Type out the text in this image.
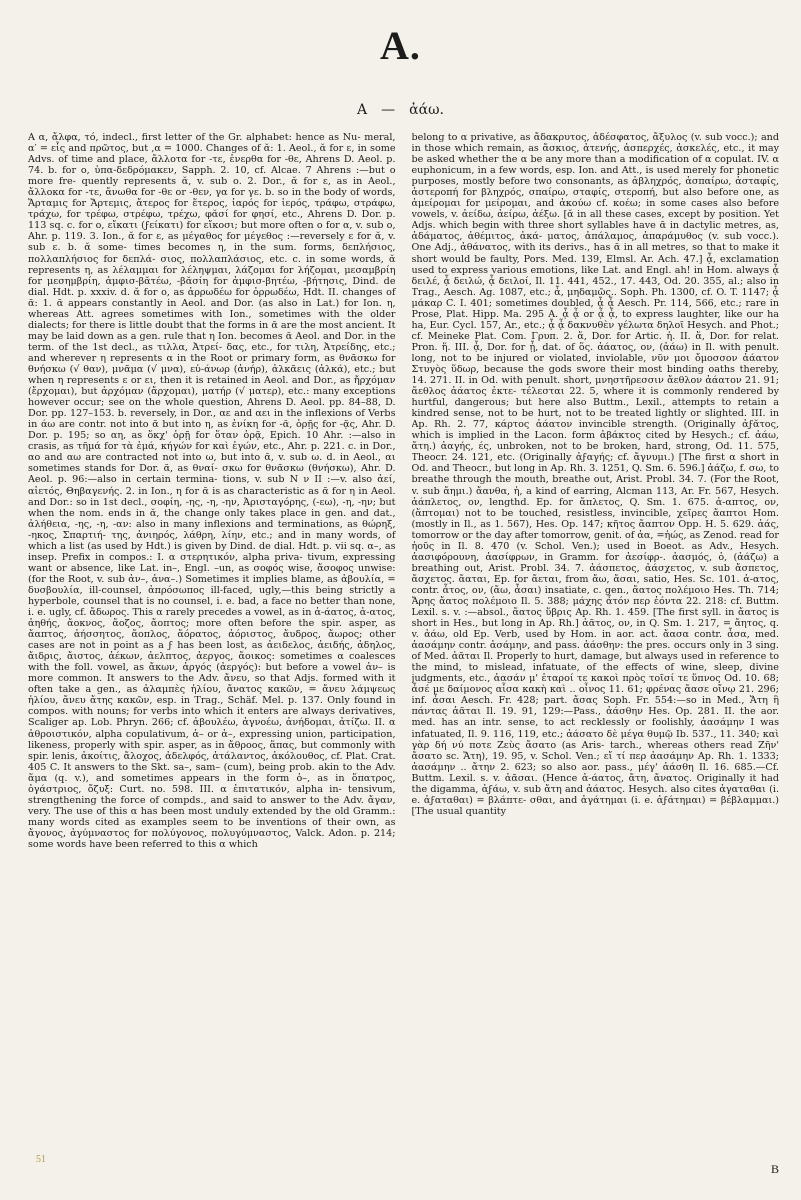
A.
A — ἀάω.

Α α, ἄλφα, τό, indecl., first letter of the Gr. alphabet: hence as Nu- meral, α′ = εἷς and πρῶτος, but ,α = 1000. Changes of ᾰ: 1. Aeol., ᾰ for ε, in some Advs. of time and place, ἄλλοτα for -τε, ἑνερθα for -θε, Ahrens D. Aeol. p. 74. b. for ο, ὑπα-δεδρόμακεν, Sapph. 2. 10, cf. Alcae. 7 Ahrens :—but ο more fre- quently represents ᾰ, v. sub ο. 2. Dor., ᾰ for ε, as in Aeol., ἄλλοκα for -τε, ἄνωθα for -θε or -θεν, γα for γε. b. so in the body of words, Ἄρταμις for Ἄρτεμις, ἄτερος for ἕτερος, ἱαρός for ἱερός, τράφω, στράφω, τράχω, for τρέφω, στρέφω, τρέχω, φᾰσί for φησί, etc., Ahrens D. Dor. p. 113 sq. c. for ο, εἴκατι (ϝείκατι) for εἴκοσι; but more often ο for α, v. sub ο, Ahr. p. 119. 3. Ion., ᾰ for ε, as μέγαθος for μέγεθος :—reversely ε for ᾰ, v. sub ε. b. ᾰ some- times becomes η, in the sum. forms, δεπλήσιος, πολλαπλήσιος for δεπλά- σιος, πολλαπλάσιος, etc. c. in some words, ᾰ represents η, as λέλαμμαι for λέληψμαι, λάζομαι for λήζομαι, μεσαμβρίη for μεσημβρίη, ἀμφισ-βᾰτέω, -βᾰσίη for ἀμφισ-βητέω, -βήτησις, Dind. de dial. Hdt. p. xxxiv. d. ᾰ for ο, as ἀρρωδέω for ὀρρωδέω, Hdt. II. changes of ᾱ: 1. ᾱ appears constantly in Aeol. and Dor. (as also in Lat.) for Ion. η, whereas Att. agrees sometimes with Ion., sometimes with the older dialects; for there is little doubt that the forms in ᾱ are the most ancient. It may be laid down as a gen. rule that η Ion. becomes ᾱ Aeol. and Dor. in the term. of the 1st decl., as τιλλα, Ἀτρεί- δας, etc., for τιλη, Ἀτρείδης, etc.; and wherever η represents α in the Root or primary form, as θνᾱσκω for θνήσκω (√ θαν), μνᾶμα (√ μνα), εὐ-άνωρ (ἀνήρ), ἀλκᾶεις (ἀλκά), etc.; but when η represents ε or ει, then it is retained in Aeol. and Dor., as ἤρχόμαν (ἔρχομαι), but ἀρχόμαν (ἄρχομαι), ματήρ (√ ματερ), etc.: many exceptions however occur; see on the whole question, Ahrens D. Aeol. pp. 84–88, D. Dor. pp. 127–153. b. reversely, in Dor., αε and αει in the inflexions of Verbs in άω are contr. not into ᾱ but into η, as ἐνίκη for -ᾱ, ὁρῇς for -ᾷς, Ahr. D. Dor. p. 195; so αη, as ὅκχ' ὁρῇ for ὅταν ὁρᾷ, Epich. 10 Ahr. :—also in crasis, as τῆμά for τὰ ἐμά, κήγών for καὶ ἐγών, etc., Ahr. p. 221. c. in Dor., αο and αω are contracted not into ω, but into ᾱ, v. sub ω. d. in Aeol., αι sometimes stands for Dor. ᾱ, as θναί- σκω for θνᾱσκω (θνήσκω), Ahr. D. Aeol. p. 96:—also in certain termina- tions, v. sub Ν ν II :—v. also ἀεί, αἰετός, Θηβαγενής. 2. in Ion., η for ᾱ is as characteristic as ᾱ for η in Aeol. and Dor.: so in 1st decl., σοφίη, -ης, -η, -ην, Ἀρισταγόρης, (-εω), -η, -ην; but when the nom. ends in ᾰ, the change only takes place in gen. and dat., ἀλήθεια, -ης, -η, -αν: also in many inflexions and terminations, as θώρηξ, -ηκος, Σπαρτιή- της, ἀνιηρός, λάθρη, λίην, etc.; and in many words, of which a list (as used by Hdt.) is given by Dind. de dial. Hdt. p. vii sq. α–, as insep. Prefix in compos.: I. α στερητικόν, alpha priva- tivum, expressing want or absence, like Lat. in–, Engl. –un, as σοφός wise, ἄσοφος unwise: (for the Root, v. sub ἀν–, ἀνα–.) Sometimes it implies blame, as ἀβουλία, = δυσβουλία, ill-counsel, ἀπρόσωπος ill-faced, ugly,—this being strictly a hyperbole, counsel that is no counsel, i. e. bad, a face no better than none, i. e. ugly, cf. ἄδωρος. This α rarely precedes a vowel, as in ἀ-άατος, ἀ-ατος, ἀηθής, ἄοκνος, ἄοζος, ἄοπτος; more often before the spir. asper, as ἄαπτος, ἀήσσητος, ἄοπλος, ἄόρατος, ἀόριστος, ἄυδρος, ἄωρος; other cases are not in point as a ϝ has been lost, as ἀειδελος, ἀειδής, ἀδηλος, ἄιδρις, ἄιστος, ἀέκων, ἀελπτος, ἀεργος, ἄοικος: sometimes α coalesces with the foll. vowel, as ἄκων, ἀργός (ἀεργός): but before a vowel ἀν– is more common. It answers to the Adv. ἄνευ, so that Adjs. formed with it often take a gen., as ἀλαμπὲς ἡλίου, ἄνατος κακῶν, = ἄνευ λάμψεως ἡλίου, ἄνευ ἄτης κακῶν, esp. in Trag., Schäf. Mel. p. 137. Only found in compos. with nouns; for verbs into which it enters are always derivatives, Scaliger ap. Lob. Phryn. 266; cf. ἀβουλέω, ἀγνοέω, ἀνήδομαι, ἀτίζω. II. α ἀθροιστικόν, alpha copulativum, ἀ– or ἁ–, expressing union, participation, likeness, properly with spir. asper, as in ἄθροος, ἅπας, but commonly with spir. lenis, ἀκοίτις, ἄλοχος, ἀδελφός, ἀτάλαντος, ἀκόλουθος, cf. Plat. Crat. 405 C. It answers to the Skt. sa–, sam– (cum), being prob. akin to the Adv. ἅμα (q. v.), and sometimes appears in the form ὁ–, as in ὅπατρος, ὀγάστριος, ὄζυξ: Curt. no. 598. III. α ἐπιτατικόν, alpha in- tensivum, strengthening the force of compds., and said to answer to the Adv. ἄγαν, very. The use of this α has been most unduly extended by the old Gramm.: many words cited as examples seem to be inventions of their own, as ἄγονος, ἀγύμναστος for πολύγονος, πολυγύμναστος, Valck. Adon. p. 214; some words have been referred to this α which

belong to α privative, as ἄδακρυτος, ἀδέσφατος, ἄξυλος (v. sub vocc.); and in those which remain, as ἄσκιος, ἀτενής, ἀσπερχές, ἀσκελές, etc., it may be asked whether the α be any more than a modification of α copulat. IV. α euphonicum, in a few words, esp. Ion. and Att., is used merely for phonetic purposes, mostly before two consonants, as ἀβληχρός, ἀσπαίρω, ἀσταφίς, ἀστεροπή for βληχρός, σπαίρω, σταφίς, στεροπή, but also before one, as ἀμείρομαι for μείρομαι, and ἀκούω cf. κοέω; in some cases also before vowels, v. ἀείδω, ἀείρω, ἀέξω. [ᾰ in all these cases, except by position. Yet Adjs. which begin with three short syllables have ᾱ in dactylic metres, as, ἀδάματος, ἀθέμιτος, ἀκά- ματος, ἀπάλαμος, ἀπαράμυθος (v. sub vocc.). One Adj., ἀθάνατος, with its derivs., has ᾱ in all metres, so that to make it short would be faulty, Pors. Med. 139, Elmsl. Ar. Ach. 47.] ᾆ, exclamation used to express various emotions, like Lat. and Engl. ah! in Hom. always ᾆ δειλέ, ᾆ δειλώ, ᾆ δειλοί, Il. 11. 441, 452., 17. 443, Od. 20. 355, al.; also in Trag., Aesch. Ag. 1087, etc.; ἆ, μηδαμῶς.. Soph. Ph. 1300, cf. O. T. 1147; ᾆ μάκαρ C. I. 401; sometimes doubled, ᾆ ᾆ Aesch. Pr. 114, 566, etc.; rare in Prose, Plat. Hipp. Ma. 295 A. ᾆ ᾆ or ᾆ ᾆ, to express laughter, like our ha ha, Eur. Cycl. 157, Ar., etc.; ᾆ ᾆ δακνυθὲν γέλωτα δηλοῖ Hesych. and Phot.; cf. Meineke Plat. Com. Γρυπ. 2. ἅ, Dor. for Artic. ἡ. II. ἅ, Dor. for relat. Pron. ἥ. III. ᾇ, Dor. for ᾗ, dat. of ὅς. ἀάατος, ον, (ἀάω) in Il. with penult. long, not to be injured or violated, inviolable, νῦν μοι ὄμοσσον ἀάατον Στυγὸς ὕδωρ, because the gods swore their most binding oaths thereby, 14. 271. II. in Od. with penult. short, μνηστῆρεσσιν ἄεθλον ἀάατον 21. 91; ἄεθλος ἀάατος ἐκτε- τέλεσται 22. 5, where it is commonly rendered by hurtful, dangerous; but here also Buttm., Lexil., attempts to retain a kindred sense, not to be hurt, not to be treated lightly or slighted. III. in Ap. Rh. 2. 77, κάρτος ἀάατον invincible strength. (Originally ἀϝᾰτος, which is implied in the Lacon. form ἀβάκτος cited by Hesych.; cf. ἀάω, ἄτη.) ἀαγής, ές, unbroken, not to be broken, hard, strong, Od. 11. 575, Theocr. 24. 121, etc. (Originally ἀϝαγής; cf. ἄγνυμι.) [The first α short in Od. and Theocr., but long in Ap. Rh. 3. 1251, Q. Sm. 6. 596.] ἀάζω, f. σω, to breathe through the mouth, breathe out, Arist. Probl. 34. 7. (For the Root, v. sub ἄημι.) ἄανθα, ἡ, a kind of earring, Alcman 113, Ar. Fr. 567, Hesych. ἀάπλετος, ον, lengthd. Ep. for ἄπλετος, Q. Sm. 1. 675. ἀ-απτος, ον, (ἅπτομαι) not to be touched, resistless, invincible, χεῖρες ἄαπτοι Hom. (mostly in Il., as 1. 567), Hes. Op. 147; κῆτος ἄαπτον Opp. H. 5. 629. ἀάς, tomorrow or the day after tomorrow, genit. of ἀα, =ἠώς, as Zenod. read for ἠοῦς in Il. 8. 470 (v. Schol. Ven.); used in Boeot. as Adv., Hesych. ἀασιφόρουνη, ἀασίφρων, in Gramm. for ἀεσίφρ-. ἀασμός, ὁ, (ἀάζω) a breathing out, Arist. Probl. 34. 7. ἀάσπετος, ἀάσχετος, v. sub ἄσπετος, ἄσχετος. ἄαται, Ep. for ἄεται, from ἄω, ἄσαι, satio, Hes. Sc. 101. ἀ-ατος, contr. ἆτος, ον, (ἄω, ἆσαι) insatiate, c. gen., ἄατος πολέμοιο Hes. Th. 714; Ἄρης ἄατος πολέμοιο Il. 5. 388; μάχης ἆτόν περ ἐόντα 22. 218: cf. Buttm. Lexil. s. v. :—absol., ἄατος ὕβρις Ap. Rh. 1. 459. [The first syll. in ἄατος is short in Hes., but long in Ap. Rh.] ἀᾶτος, ον, in Q. Sm. 1. 217, = ἄητος, q. v. ἀάω, old Ep. Verb, used by Hom. in aor. act. ἄασα contr. ἆσα, med. ἀασάμην contr. ἀσάμην, and pass. ἀάσθην: the pres. occurs only in 3 sing. of Med. ἀᾶται Il. Properly to hurt, damage, but always used in reference to the mind, to mislead, infatuate, of the effects of wine, sleep, divine judgments, etc., ἀασάν μ' ἑταροί τε κακοὶ πρὸς τοῖσί τε ὕπνος Od. 10. 68; ἆσέ με δαίμονος αἶσα κακὴ καὶ .. οἶνος 11. 61; φρένας ἄασε οἴνῳ 21. 296; inf. ἆσαι Aesch. Fr. 428; part. ἄσας Soph. Fr. 554:—so in Med., Ἄτη ἣ πάντας ἀᾶται Il. 19. 91, 129:—Pass., ἀάσθην Hes. Op. 281. II. the aor. med. has an intr. sense, to act recklessly or foolishly, ἀασάμην I was infatuated, Il. 9. 116, 119, etc.; ἀάσατο δὲ μέγα θυμῷ Ib. 537., 11. 340; καὶ γὰρ δή νύ ποτε Ζεὺς ἄσατο (as Aris- tarch., whereas others read Ζῆν' ἄσατο sc. Ἄτη), 19. 95, v. Schol. Ven.; εἴ τί περ ἀασάμην Ap. Rh. 1. 1333; ἀασάμην .. ἄτην 2. 623; so also aor. pass., μέγ' ἀάσθη Il. 16. 685.—Cf. Buttm. Lexil. s. v. ἀᾶσαι. (Hence ἀ-άατος, ἄτη, ἄνατος. Originally it had the digamma, ἀϝάω, v. sub ἄτη and ἀάατος. Hesych. also cites ἀγαταθαι (i. e. ἀϝαταθαι) = βλάπτε- σθαι, and ἀγάτημαι (i. e. ἀϝάτημαι) = βέβλαμμαι.) [The usual quantity

51
B
